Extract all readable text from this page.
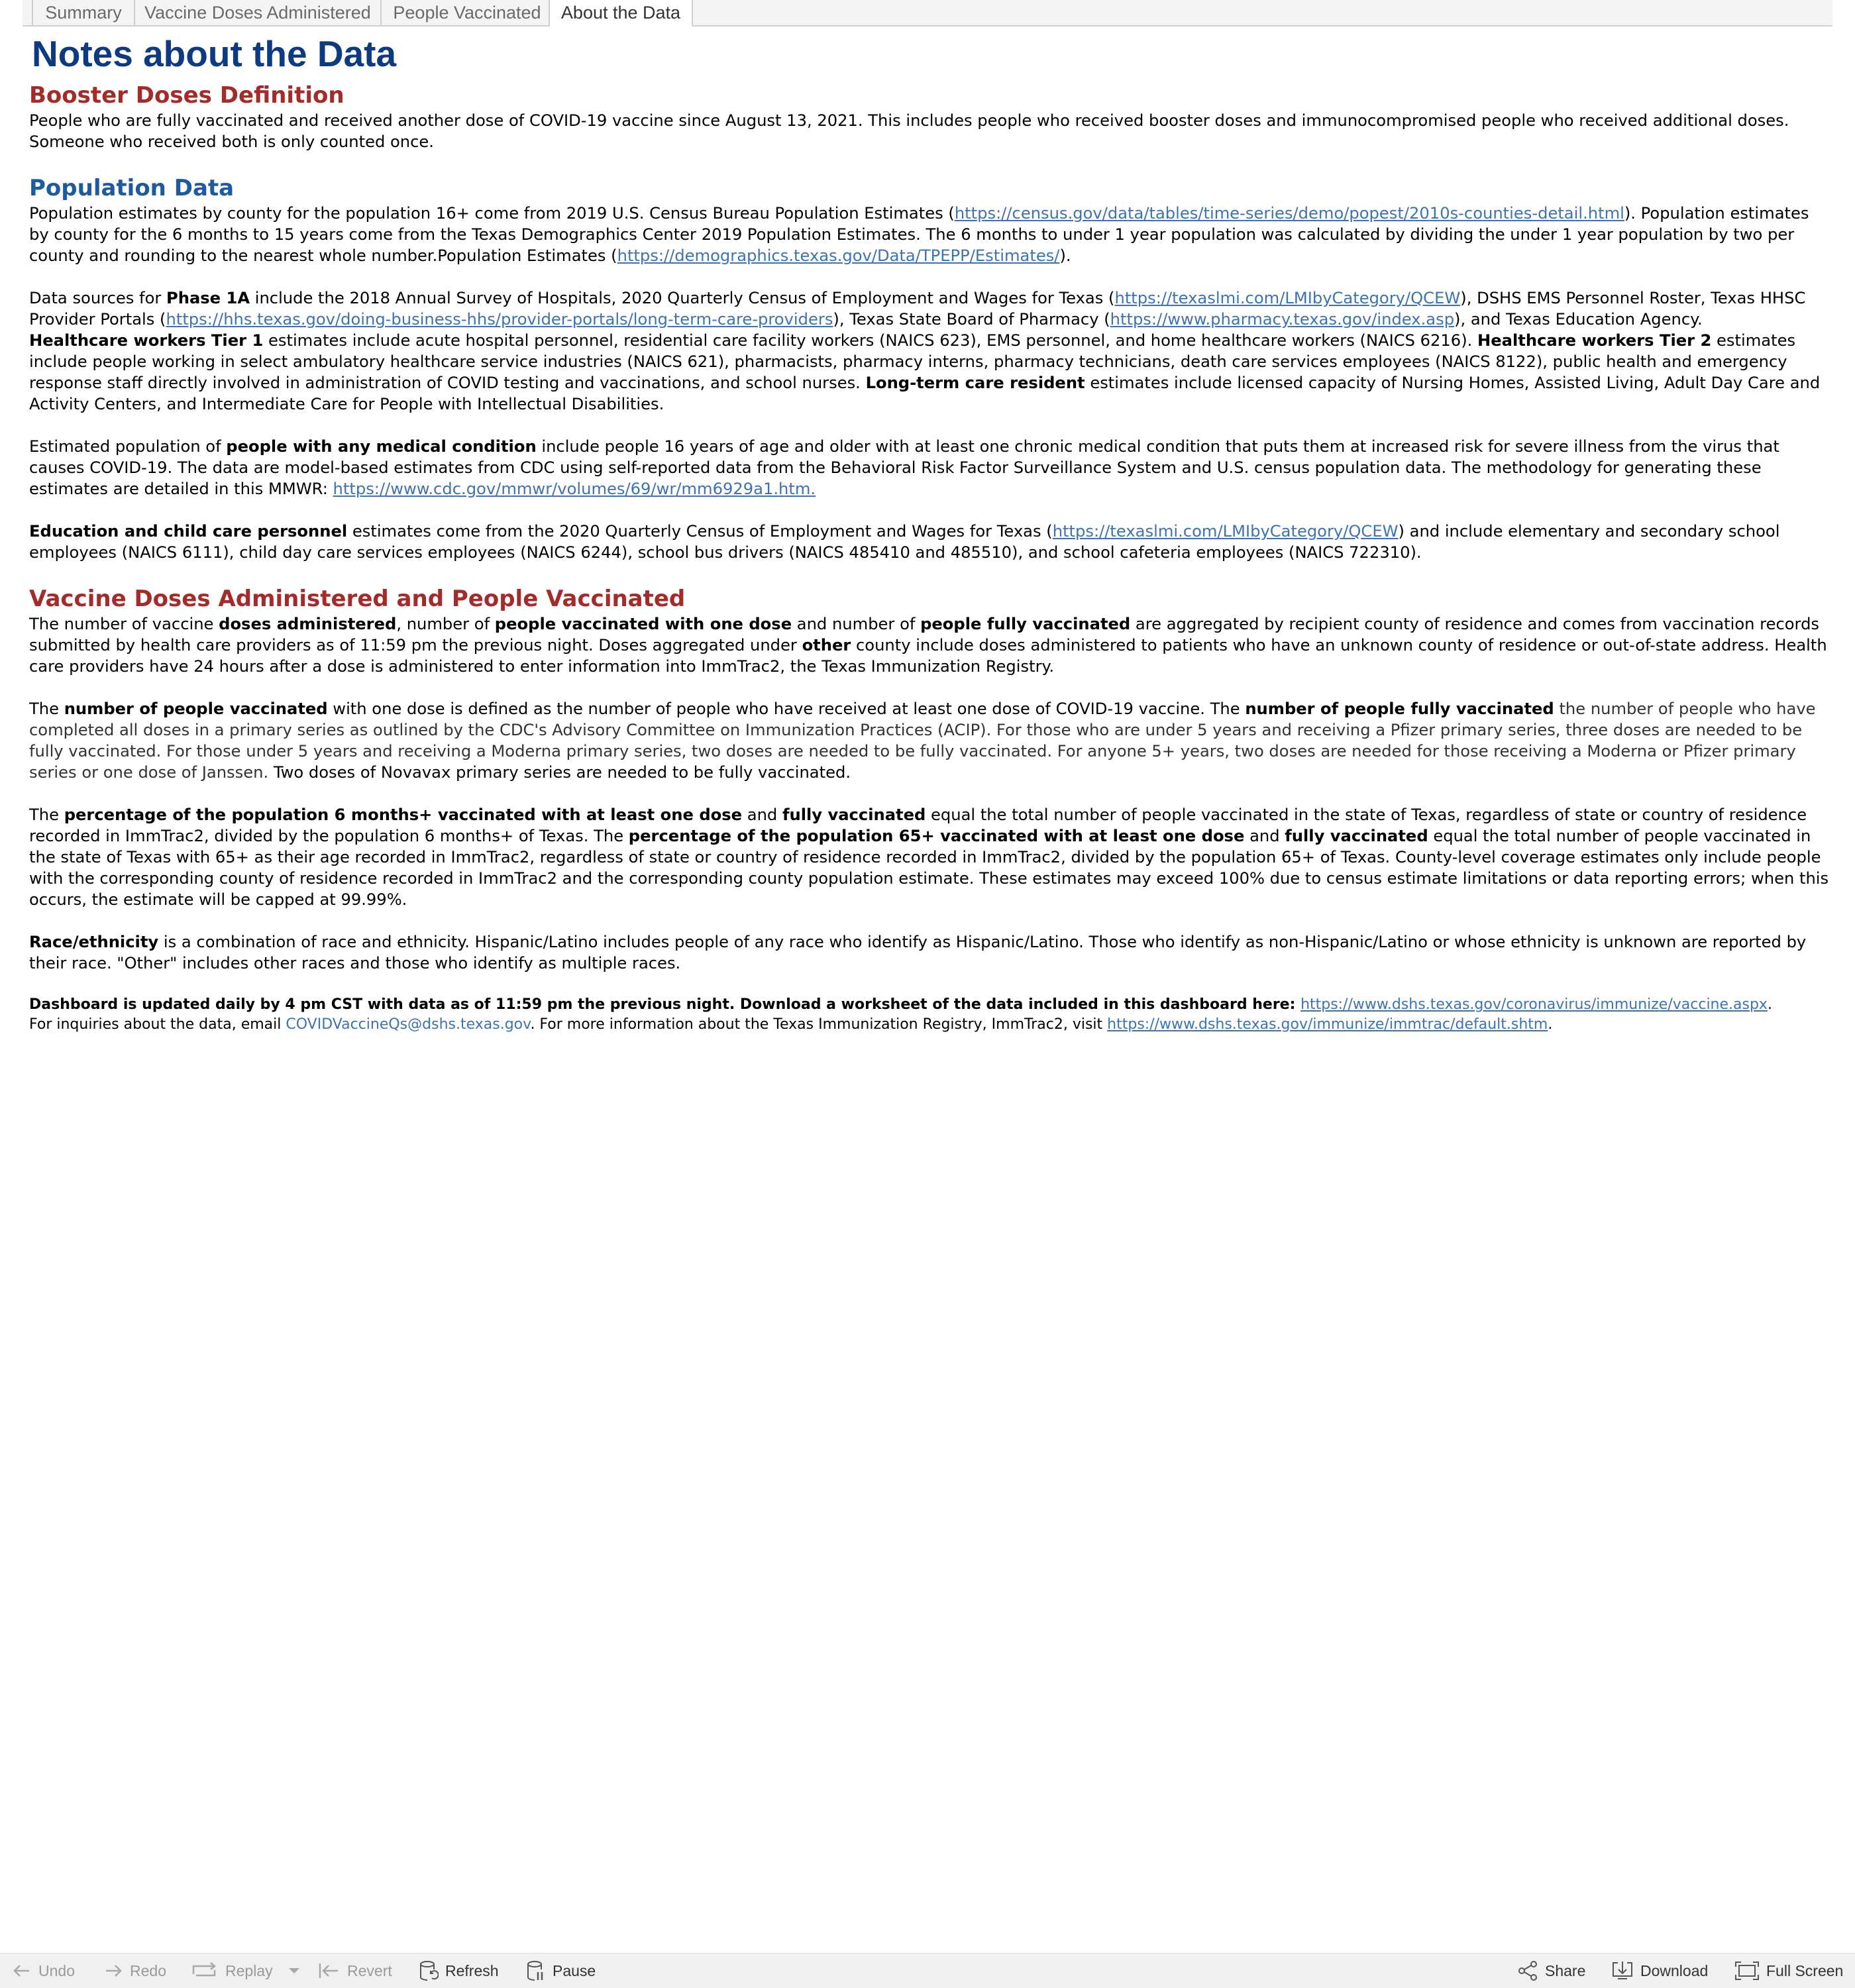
Summary	Vaccine Doses Administered	People Vaccinated	About the Data
Notes about the Data
Booster Doses Definition

People who are fully vaccinated and received another dose of COVID-19 vaccine since August 13, 2021. This includes people who received booster doses and immunocompromised people who received additional doses. Someone who received both is only counted once.

Population Data

Population estimates by county for the population 16+ come from 2019 U.S. Census Bureau Population Estimates (https://census.gov/data/tables/time-series/demo/popest/2010s-counties-detail.html). Population estimates by county for the 6 months to 15 years come from the Texas Demographics Center 2019 Population Estimates. The 6 months to under 1 year population was calculated by dividing the under 1 year population by two per county and rounding to the nearest whole number.Population Estimates (https://demographics.texas.gov/Data/TPEPP/Estimates/).

Data sources for Phase 1A include the 2018 Annual Survey of Hospitals, 2020 Quarterly Census of Employment and Wages for Texas (https://texaslmi.com/LMIbyCategory/QCEW), DSHS EMS Personnel Roster, Texas HHSC Provider Portals (https://hhs.texas.gov/doing-business-hhs/provider-portals/long-term-care-providers), Texas State Board of Pharmacy (https://www.pharmacy.texas.gov/index.asp), and Texas Education Agency.
Healthcare workers Tier 1 estimates include acute hospital personnel, residential care facility workers (NAICS 623), EMS personnel, and home healthcare workers (NAICS 6216). Healthcare workers Tier 2 estimates include people working in select ambulatory healthcare service industries (NAICS 621), pharmacists, pharmacy interns, pharmacy technicians, death care services employees (NAICS 8122), public health and emergency response staff directly involved in administration of COVID testing and vaccinations, and school nurses. Long-term care resident estimates include licensed capacity of Nursing Homes, Assisted Living, Adult Day Care and Activity Centers, and Intermediate Care for People with Intellectual Disabilities.

Estimated population of people with any medical condition include people 16 years of age and older with at least one chronic medical condition that puts them at increased risk for severe illness from the virus that causes COVID-19. The data are model-based estimates from CDC using self-reported data from the Behavioral Risk Factor Surveillance System and U.S. census population data. The methodology for generating these estimates are detailed in this MMWR: https://www.cdc.gov/mmwr/volumes/69/wr/mm6929a1.htm.

Education and child care personnel estimates come from the 2020 Quarterly Census of Employment and Wages for Texas (https://texaslmi.com/LMIbyCategory/QCEW) and include elementary and secondary school employees (NAICS 6111), child day care services employees (NAICS 6244), school bus drivers (NAICS 485410 and 485510), and school cafeteria employees (NAICS 722310).

Vaccine Doses Administered and People Vaccinated

The number of vaccine doses administered, number of people vaccinated with one dose and number of people fully vaccinated are aggregated by recipient county of residence and comes from vaccination records submitted by health care providers as of 11:59 pm the previous night. Doses aggregated under other county include doses administered to patients who have an unknown county of residence or out-of-state address. Health care providers have 24 hours after a dose is administered to enter information into ImmTrac2, the Texas Immunization Registry.

The number of people vaccinated with one dose is defined as the number of people who have received at least one dose of COVID-19 vaccine. The number of people fully vaccinated the number of people who have completed all doses in a primary series as outlined by the CDC's Advisory Committee on Immunization Practices (ACIP). For those who are under 5 years and receiving a Pfizer primary series, three doses are needed to be fully vaccinated. For those under 5 years and receiving a Moderna primary series, two doses are needed to be fully vaccinated. For anyone 5+ years, two doses are needed for those receiving a Moderna or Pfizer primary series or one dose of Janssen. Two doses of Novavax primary series are needed to be fully vaccinated.

The percentage of the population 6 months+ vaccinated with at least one dose and fully vaccinated equal the total number of people vaccinated in the state of Texas, regardless of state or country of residence recorded in ImmTrac2, divided by the population 6 months+ of Texas. The percentage of the population 65+ vaccinated with at least one dose and fully vaccinated equal the total number of people vaccinated in the state of Texas with 65+ as their age recorded in ImmTrac2, regardless of state or country of residence recorded in ImmTrac2, divided by the population 65+ of Texas. County-level coverage estimates only include people with the corresponding county of residence recorded in ImmTrac2 and the corresponding county population estimate. These estimates may exceed 100% due to census estimate limitations or data reporting errors; when this occurs, the estimate will be capped at 99.99%.

Race/ethnicity is a combination of race and ethnicity. Hispanic/Latino includes people of any race who identify as Hispanic/Latino. Those who identify as non-Hispanic/Latino or whose ethnicity is unknown are reported by their race. "Other" includes other races and those who identify as multiple races.

Dashboard is updated daily by 4 pm CST with data as of 11:59 pm the previous night. Download a worksheet of the data included in this dashboard here: https://www.dshs.texas.gov/coronavirus/immunize/vaccine.aspx.

For inquiries about the data, email COVIDVaccineQs@dshs.texas.gov. For more information about the Texas Immunization Registry, ImmTrac2, visit https://www.dshs.texas.gov/immunize/immtrac/default.shtm.

Undo	Redo	Replay	Revert	Refresh	Pause	Share	Download	Full Screen
